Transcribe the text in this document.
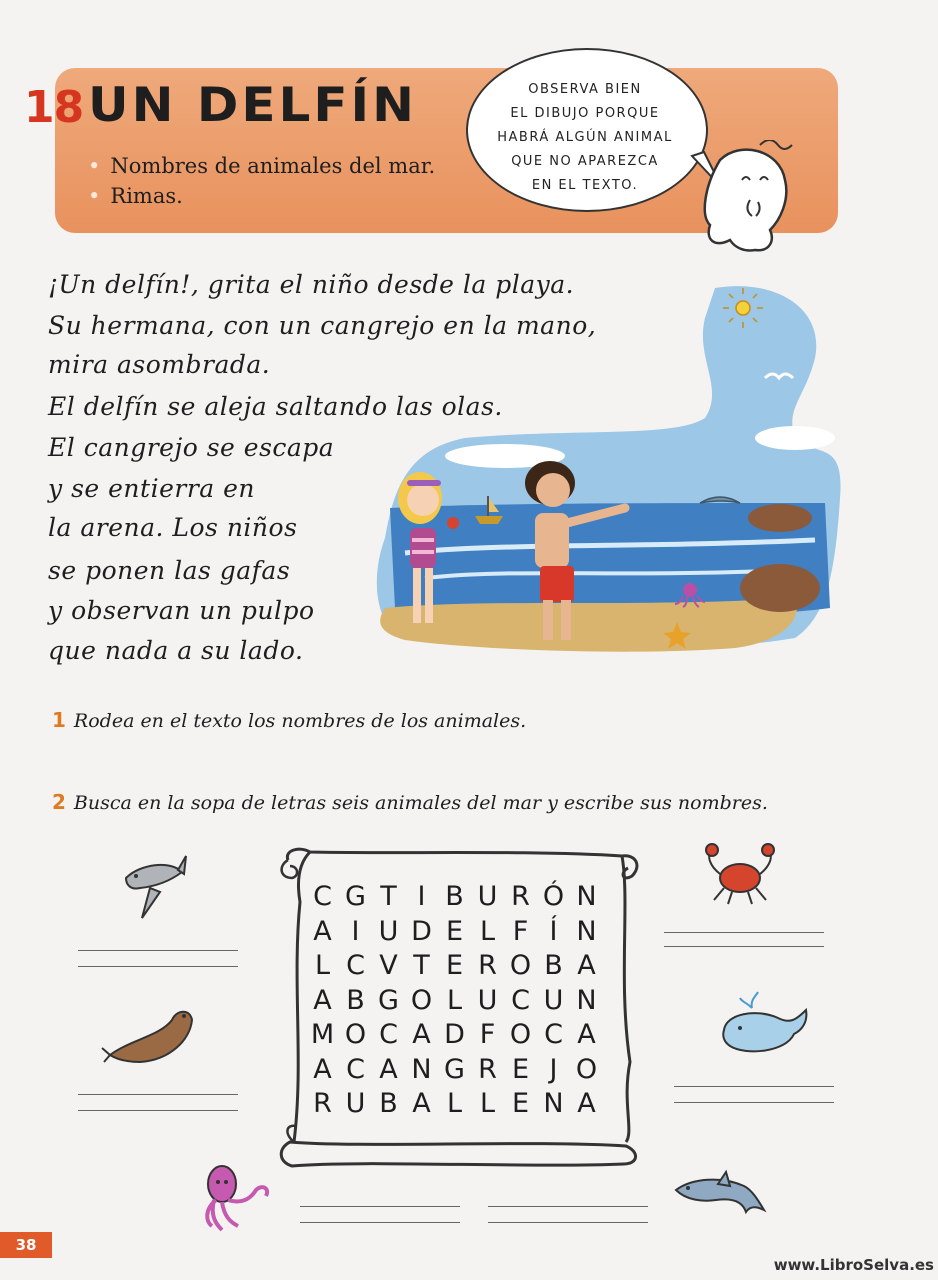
18 UN DELFÍN
• Nombres de animales del mar.
• Rimas.
OBSERVA BIEN
EL DIBUJO PORQUE
HABRÁ ALGÚN ANIMAL
QUE NO APAREZCA
EN EL TEXTO.
¡Un delfín!, grita el niño desde la playa.
Su hermana, con un cangrejo en la mano,
mira asombrada.
El delfín se aleja saltando las olas.
El cangrejo se escapa
y se entierra en
la arena. Los niños
se ponen las gafas
y observan un pulpo
que nada a su lado.
1 Rodea en el texto los nombres de los animales.
2 Busca en la sopa de letras seis animales del mar y escribe sus nombres.
C G T I B U R Ó N
A I U D E L F Í N
L C V T E R O B A
A B G O L U C U N
M O C A D F O C A
A C A N G R E J O
R U B A L L E N A
38
www.LibroSelva.es
